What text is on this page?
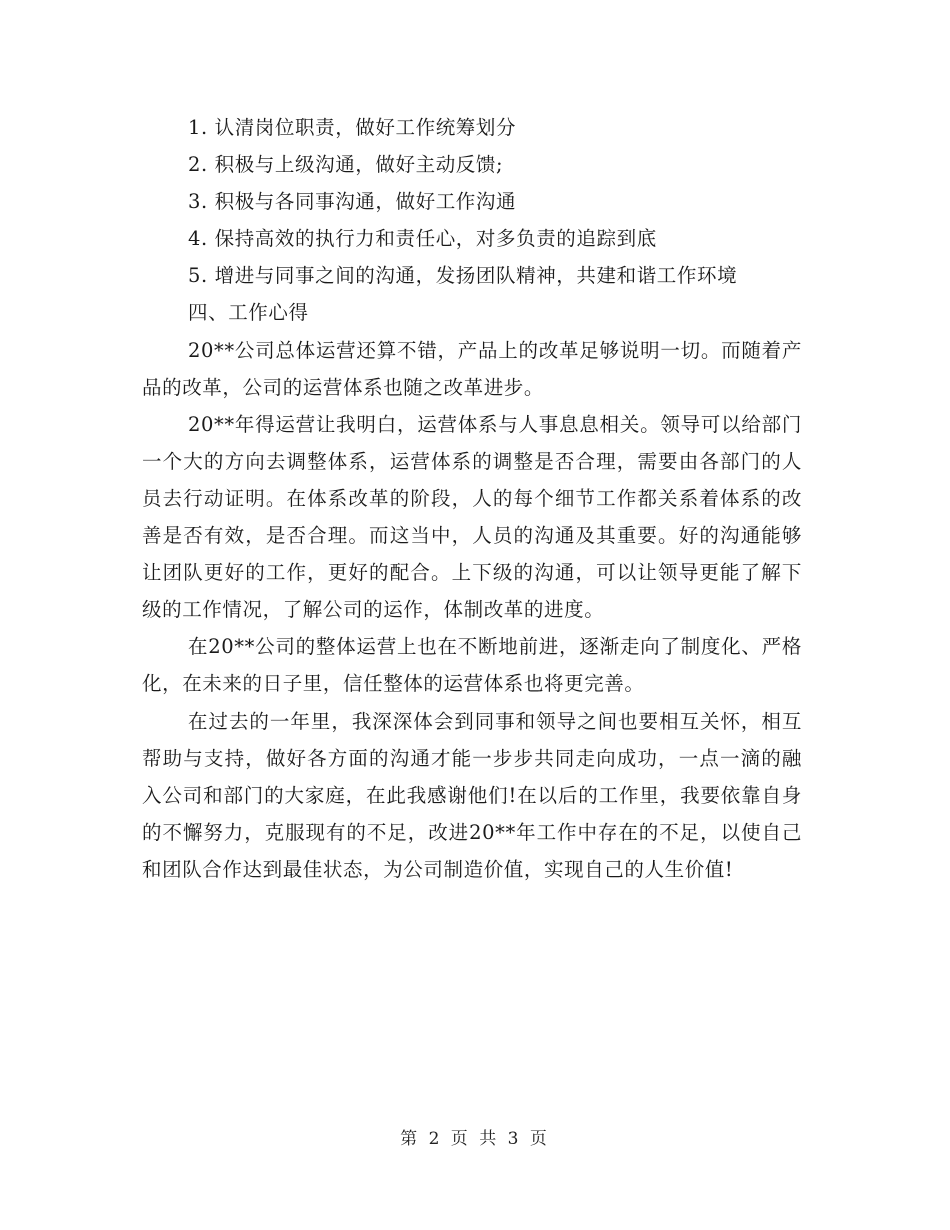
1. 认清岗位职责，做好工作统筹划分

2. 积极与上级沟通，做好主动反馈;

3. 积极与各同事沟通，做好工作沟通

4. 保持高效的执行力和责任心，对多负责的追踪到底

5. 增进与同事之间的沟通，发扬团队精神，共建和谐工作环境

四、工作心得

20**公司总体运营还算不错，产品上的改革足够说明一切。而随着产品的改革，公司的运营体系也随之改革进步。

20**年得运营让我明白，运营体系与人事息息相关。领导可以给部门一个大的方向去调整体系，运营体系的调整是否合理，需要由各部门的人员去行动证明。在体系改革的阶段，人的每个细节工作都关系着体系的改善是否有效，是否合理。而这当中，人员的沟通及其重要。好的沟通能够让团队更好的工作，更好的配合。上下级的沟通，可以让领导更能了解下级的工作情况，了解公司的运作，体制改革的进度。

在20**公司的整体运营上也在不断地前进，逐渐走向了制度化、严格化，在未来的日子里，信任整体的运营体系也将更完善。

在过去的一年里，我深深体会到同事和领导之间也要相互关怀，相互帮助与支持，做好各方面的沟通才能一步步共同走向成功，一点一滴的融入公司和部门的大家庭，在此我感谢他们!在以后的工作里，我要依靠自身的不懈努力，克服现有的不足，改进20**年工作中存在的不足，以使自己和团队合作达到最佳状态，为公司制造价值，实现自己的人生价值!

第 2 页 共 3 页
